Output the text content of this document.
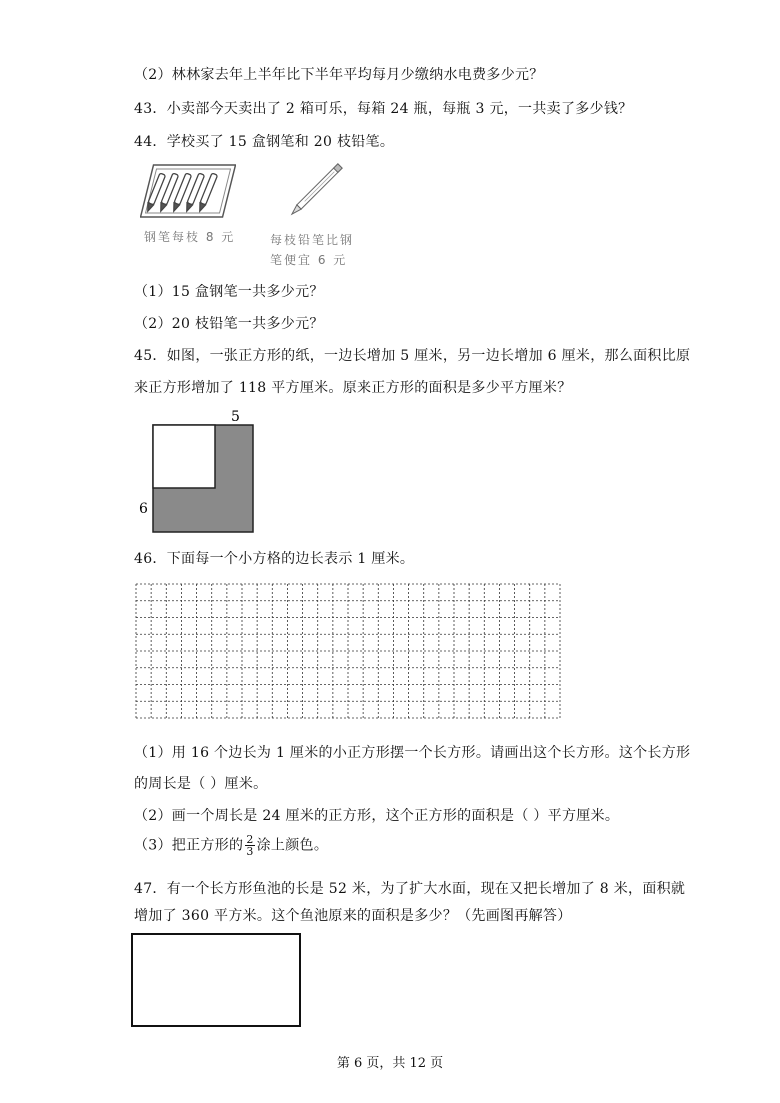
（2）林林家去年上半年比下半年平均每月少缴纳水电费多少元？
43．小卖部今天卖出了 2 箱可乐，每箱 24 瓶，每瓶 3 元，一共卖了多少钱？
44．学校买了 15 盒钢笔和 20 枝铅笔。
钢笔每枝 8 元	每枝铅笔比钢
笔便宜 6 元
（1）15 盒钢笔一共多少元？
（2）20 枝铅笔一共多少元？
45．如图，一张正方形的纸，一边长增加 5 厘米，另一边长增加 6 厘米，那么面积比原
来正方形增加了 118 平方厘米。原来正方形的面积是多少平方厘米？
5
6
46．下面每一个小方格的边长表示 1 厘米。
（1）用 16 个边长为 1 厘米的小正方形摆一个长方形。请画出这个长方形。这个长方形
的周长是（ ）厘米。
（2）画一个周长是 24 厘米的正方形，这个正方形的面积是（ ）平方厘米。
（3）把正方形的 $\frac{2}{3}$ 涂上颜色。
47．有一个长方形鱼池的长是 52 米，为了扩大水面，现在又把长增加了 8 米，面积就
增加了 360 平方米。这个鱼池原来的面积是多少？（先画图再解答）
第 6 页，共 12 页
